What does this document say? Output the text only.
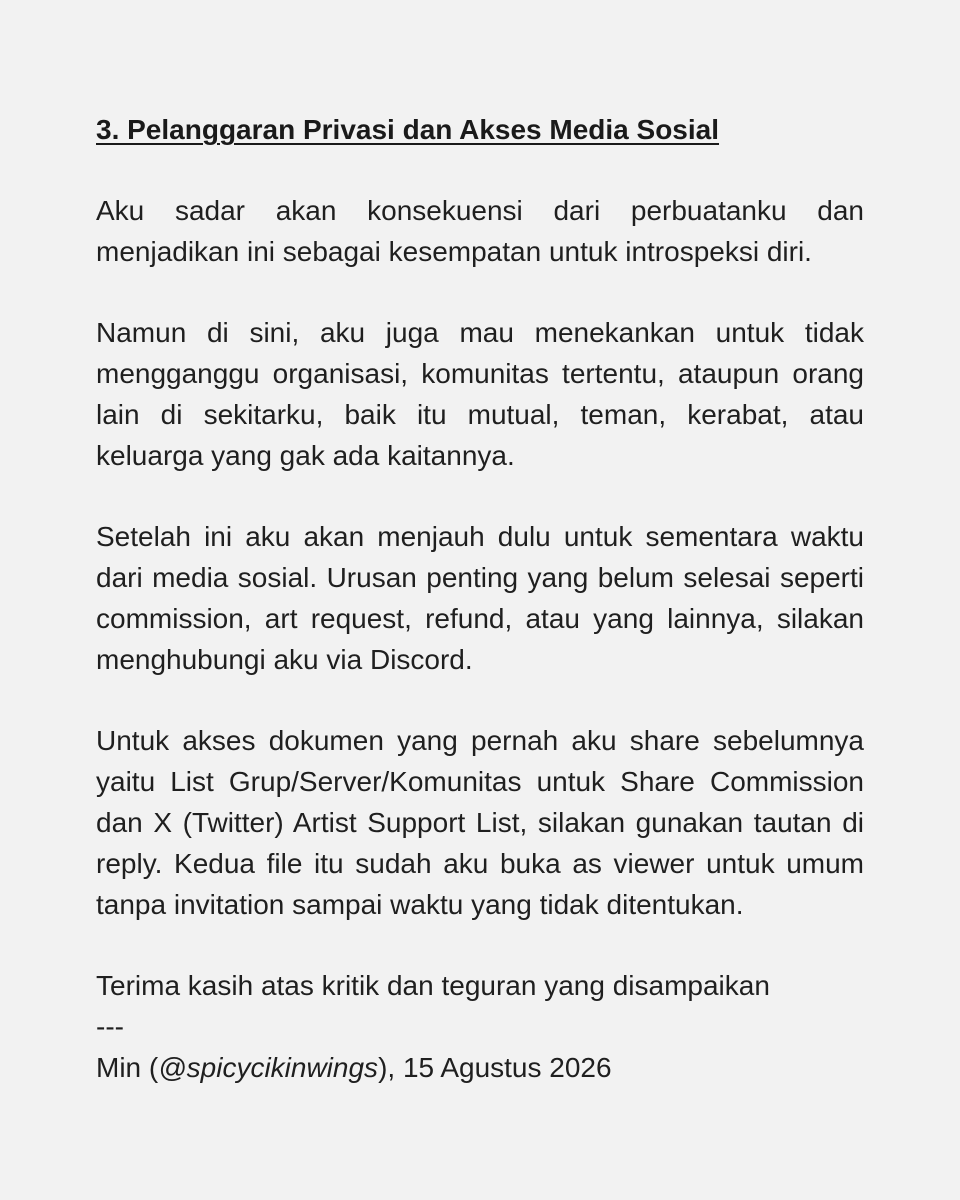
3. Pelanggaran Privasi dan Akses Media Sosial

Aku sadar akan konsekuensi dari perbuatanku dan menjadikan ini sebagai kesempatan untuk introspeksi diri.

Namun di sini, aku juga mau menekankan untuk tidak mengganggu organisasi, komunitas tertentu, ataupun orang lain di sekitarku, baik itu mutual, teman, kerabat, atau keluarga yang gak ada kaitannya.

Setelah ini aku akan menjauh dulu untuk sementara waktu dari media sosial. Urusan penting yang belum selesai seperti commission, art request, refund, atau yang lainnya, silakan menghubungi aku via Discord.

Untuk akses dokumen yang pernah aku share sebelumnya yaitu List Grup/Server/Komunitas untuk Share Commission dan X (Twitter) Artist Support List, silakan gunakan tautan di reply. Kedua file itu sudah aku buka as viewer untuk umum tanpa invitation sampai waktu yang tidak ditentukan.

Terima kasih atas kritik dan teguran yang disampaikan

---

Min (@spicycikinwings), 15 Agustus 2026
